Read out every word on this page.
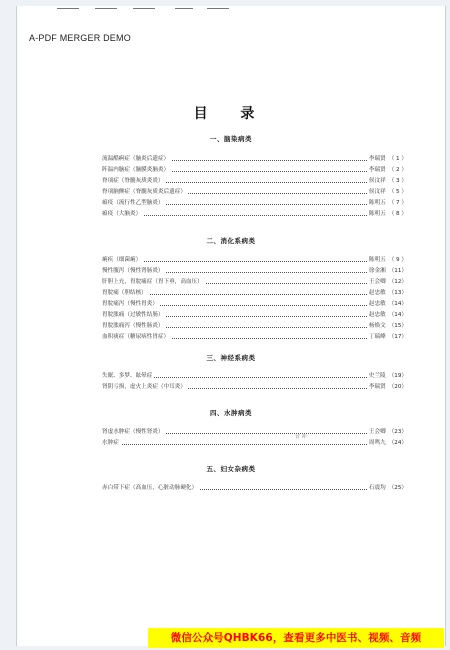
A-PDF MERGER DEMO
目 录
一、脑染病类
流温酷痾症（脑炎后遗症）	李瑞贤 （ 1 ）
阵温内脑症（脑膜炎脑炎）	李瑞贤 （ 2 ）
脊项症（脊髓灰质炎炎）	侯汶祥 （ 3 ）
脊项脑颤症（脊髓灰质炎后遗症）	侯汶祥 （ 5 ）
瘟疫（流行性乙型脑炎）	陈明五 （ 7 ）
瘟疫（大脑炎）	陈明五 （ 8 ）
二、消化系病类
痢疾（细菌痢）	陈明五 （ 9 ）
慢性腹泻（慢性肾肠炎）	徐金湘 （11）
肝胆上充，胃脘痛症（胃下垂，高血压）	王会卿 （12）
胃脘痛（胆结核）	赵忠敏 （13）
胃脘痛泻（慢性胃炎）	赵忠敏 （14）
胃脘胀痛（过敏性结肠）	赵忠敏 （14）
胃脘胀痛泻（慢性肠炎）	杨焕文 （15）
血积痰症（糖尿病性胃症）	丁瑞峰 （17）
三、神经系病类
失眠、多梦、眩晕症	史兰陵 （19）
肾阴亏损，虚火上炎症（中耳炎）	李瑞贤 （20）
四、水肿病类
肾虚水肿症（慢性肾炎）	王会卿 （23）
水肿症	周鸣九 （24）
冒 冲
五、妇女杂病类
赤白带下症（高血压，心脏动脉硬化）	石震均 （25）
微信公众号QHBK66，查看更多中医书、视频、音频
